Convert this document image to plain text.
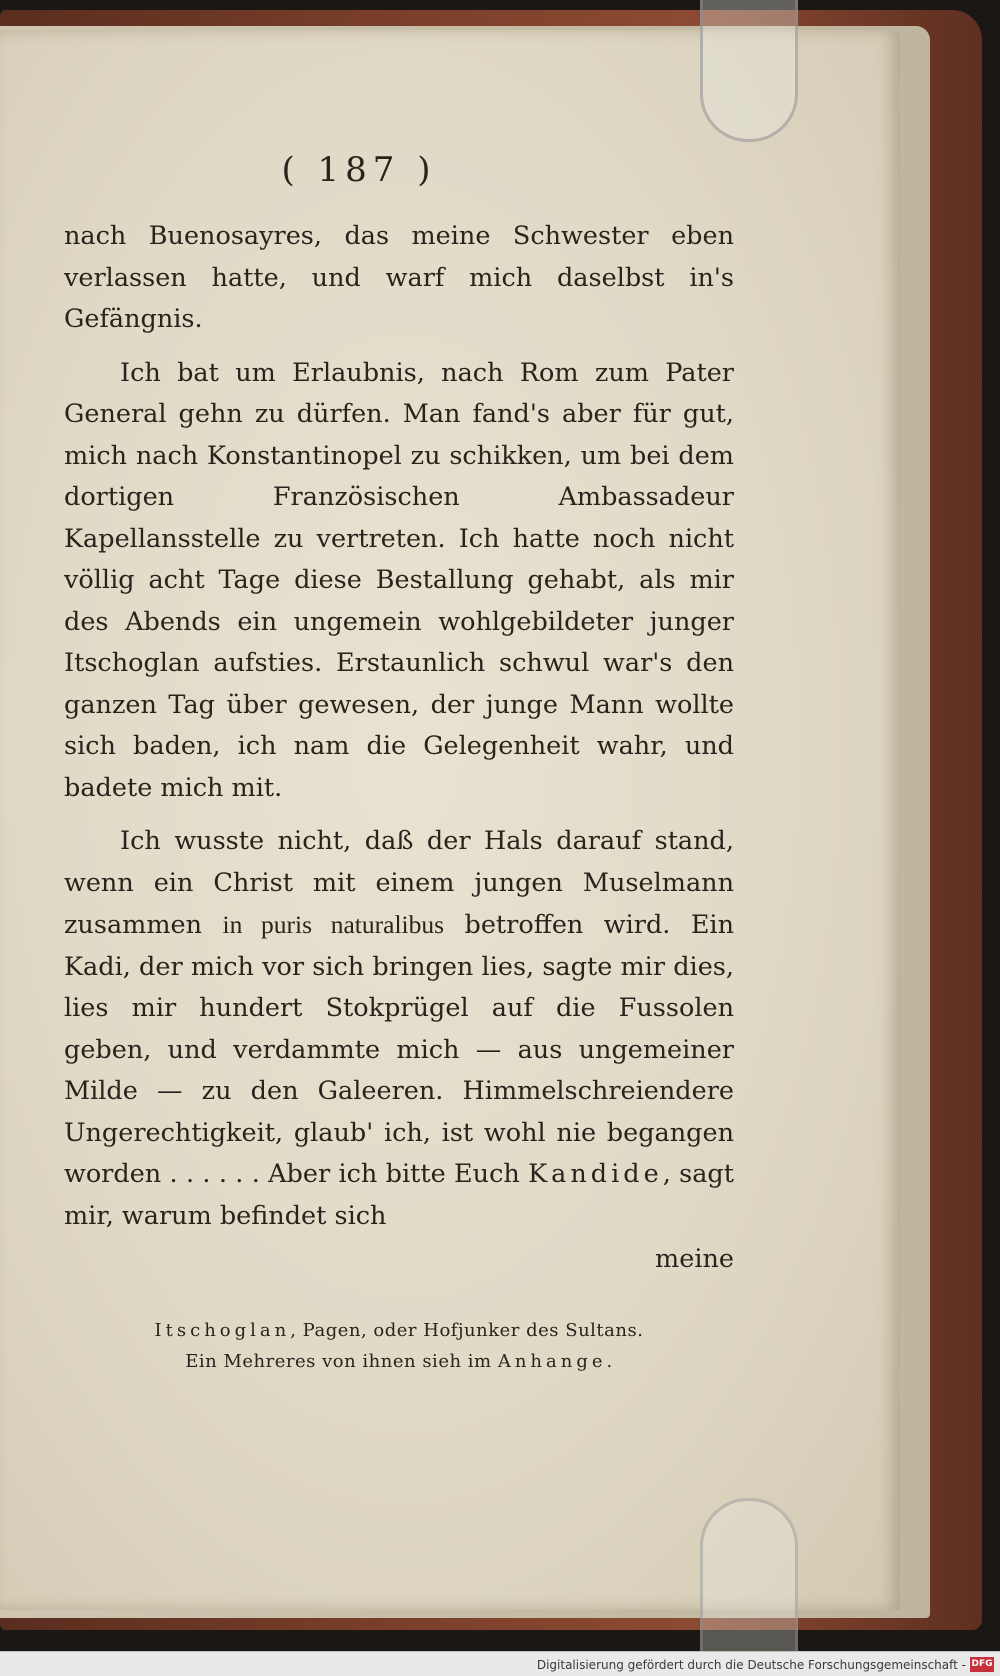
( 187 )

nach Buenosayres, das meine Schwester eben verlassen hatte, und warf mich daselbst in's Gefängnis.

Ich bat um Erlaubnis, nach Rom zum Pater General gehn zu dürfen. Man fand's aber für gut, mich nach Konstantinopel zu schikken, um bei dem dortigen Französischen Ambassadeur Kapellansstelle zu vertreten. Ich hatte noch nicht völlig acht Tage diese Bestallung gehabt, als mir des Abends ein ungemein wohlgebildeter junger Itschoglan aufsties. Erstaunlich schwul war's den ganzen Tag über gewesen, der junge Mann wollte sich baden, ich nam die Gelegenheit wahr, und badete mich mit.

Ich wusste nicht, daß der Hals darauf stand, wenn ein Christ mit einem jungen Muselmann zusammen in puris naturalibus betroffen wird. Ein Kadi, der mich vor sich bringen lies, sagte mir dies, lies mir hundert Stokprügel auf die Fussolen geben, und verdammte mich — aus ungemeiner Milde — zu den Galeeren. Himmelschreiendere Ungerechtigkeit, glaub' ich, ist wohl nie begangen worden . . . . . . Aber ich bitte Euch Kandide, sagt mir, warum befindet sich

meine
Itschoglan, Pagen, oder Hofjunker des Sultans.
Ein Mehreres von ihnen sieh im Anhange.
Digitalisierung gefördert durch die Deutsche Forschungsgemeinschaft - DFG
